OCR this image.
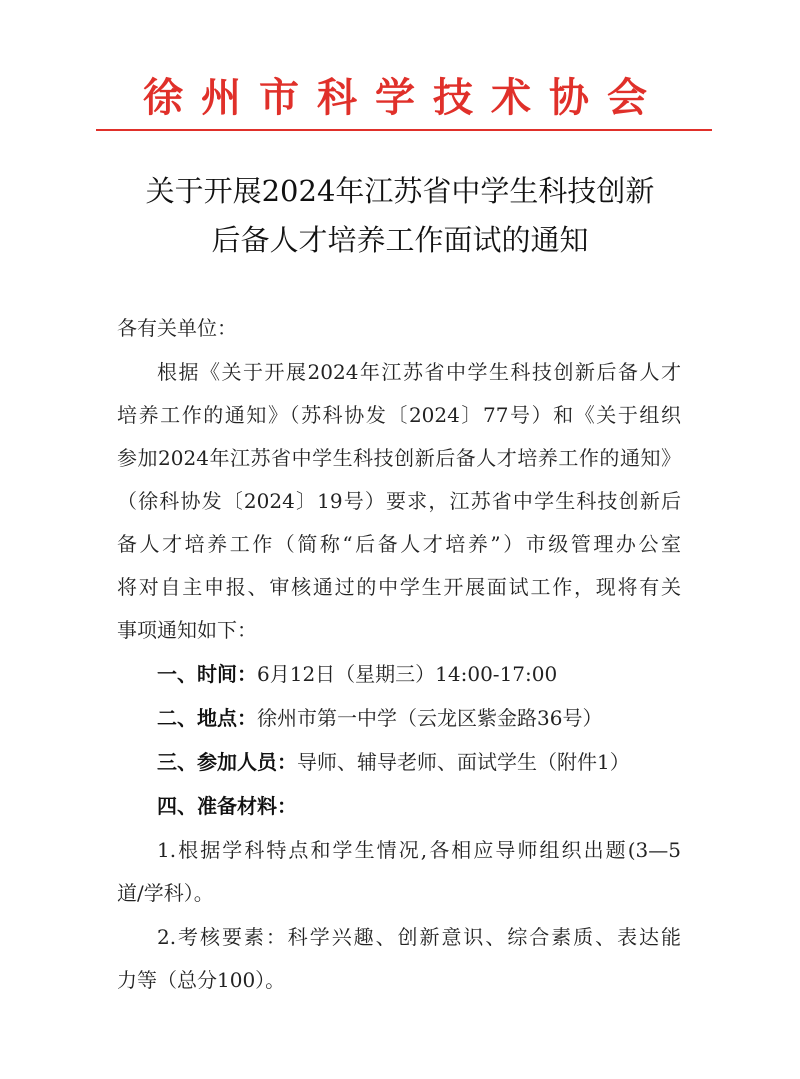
徐州市科学技术协会
关于开展2024年江苏省中学生科技创新
后备人才培养工作面试的通知
各有关单位：
根据《关于开展2024年江苏省中学生科技创新后备人才
培养工作的通知》（苏科协发〔2024〕77号）和《关于组织
参加2024年江苏省中学生科技创新后备人才培养工作的通知》
（徐科协发〔2024〕19号）要求，江苏省中学生科技创新后
备人才培养工作（简称“后备人才培养”）市级管理办公室
将对自主申报、审核通过的中学生开展面试工作，现将有关
事项通知如下：
一、时间：6月12日（星期三）14:00-17:00
二、地点：徐州市第一中学（云龙区紫金路36号）
三、参加人员：导师、辅导老师、面试学生（附件1）
四、准备材料：
1.根据学科特点和学生情况,各相应导师组织出题(3—5
道/学科）。
2.考核要素：科学兴趣、创新意识、综合素质、表达能
力等（总分100）。
